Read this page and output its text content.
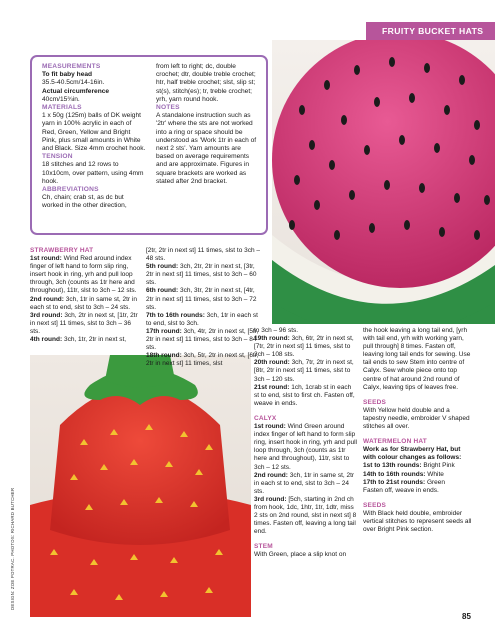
FRUITY BUCKET HATS
MEASUREMENTS
To fit baby head
35.5-40.5cm/14-16in.
Actual circumference
40cm/15¾in.
MATERIALS
1 x 50g (125m) balls of DK weight yarn in 100% acrylic in each of Red, Green, Yellow and Bright Pink, plus small amounts in White and Black. Size 4mm crochet hook.
TENSION
18 stitches and 12 rows to 10x10cm, over pattern, using 4mm hook.
ABBREVIATIONS
Ch, chain; crab st, as dc but worked in the other direction,
from left to right; dc, double crochet; dtr, double treble crochet; htr, half treble crochet; slst, slip st; st(s), stitch(es); tr, treble crochet; yrh, yarn round hook.
NOTES
A standalone instruction such as '2tr' where the sts are not worked into a ring or space should be understood as 'Work 1tr in each of next 2 sts'. Yarn amounts are based on average requirements and are approximate. Figures in square brackets are worked as stated after 2nd bracket.
DESIGN: ZOE POTRAC. PHOTOS: RICHARD BUTCHER
STRAWBERRY HAT
1st round: Wind Red around index finger of left hand to form slip ring, insert hook in ring, yrh and pull loop through, 3ch (counts as 1tr here and throughout), 11tr, slst to 3ch – 12 sts.
2nd round: 3ch, 1tr in same st, 2tr in each st to end, slst to 3ch – 24 sts.
3rd round: 3ch, 2tr in next st, [1tr, 2tr in next st] 11 times, slst to 3ch – 36 sts.
4th round: 3ch, 1tr, 2tr in next st,
[2tr, 2tr in next st] 11 times, slst to 3ch – 48 sts.
5th round: 3ch, 2tr, 2tr in next st, [3tr, 2tr in next st] 11 times, slst to 3ch – 60 sts.
6th round: 3ch, 3tr, 2tr in next st, [4tr, 2tr in next st] 11 times, slst to 3ch – 72 sts.
7th to 16th rounds: 3ch, 1tr in each st to end, slst to 3ch.
17th round: 3ch, 4tr, 2tr in next st, [5tr, 2tr in next st] 11 times, slst to 3ch – 84 sts.
18th round: 3ch, 5tr, 2tr in next st, [6tr, 2tr in next st] 11 times, slst
to 3ch – 96 sts.
19th round: 3ch, 6tr, 2tr in next st, [7tr, 2tr in next st] 11 times, slst to 3ch – 108 sts.
20th round: 3ch, 7tr, 2tr in next st, [8tr, 2tr in next st] 11 times, slst to 3ch – 120 sts.
21st round: 1ch, 1crab st in each st to end, slst to first ch. Fasten off, weave in ends.
CALYX
1st round: Wind Green around index finger of left hand to form slip ring, insert hook in ring, yrh and pull loop through, 3ch (counts as 1tr here and throughout), 11tr, slst to 3ch – 12 sts.
2nd round: 3ch, 1tr in same st, 2tr in each st to end, slst to 3ch – 24 sts.
3rd round: [5ch, starting in 2nd ch from hook, 1dc, 1htr, 1tr, 1dtr, miss 2 sts on 2nd round, slst in next st] 8 times. Fasten off, leaving a long tail end.
STEM
With Green, place a slip knot on
the hook leaving a long tail end, [yrh with tail end, yrh with working yarn, pull through] 8 times. Fasten off, leaving long tail ends for sewing. Use tail ends to sew Stem into centre of Calyx. Sew whole piece onto top centre of hat around 2nd round of Calyx, leaving tips of leaves free.
SEEDS
With Yellow held double and a tapestry needle, embroider V shaped stitches all over.
WATERMELON HAT
Work as for Strawberry Hat, but with colour changes as follows:
1st to 13th rounds: Bright Pink
14th to 16th rounds: White
17th to 21st rounds: Green
Fasten off, weave in ends.
SEEDS
With Black held double, embroider vertical stitches to represent seeds all over Bright Pink section.
85
